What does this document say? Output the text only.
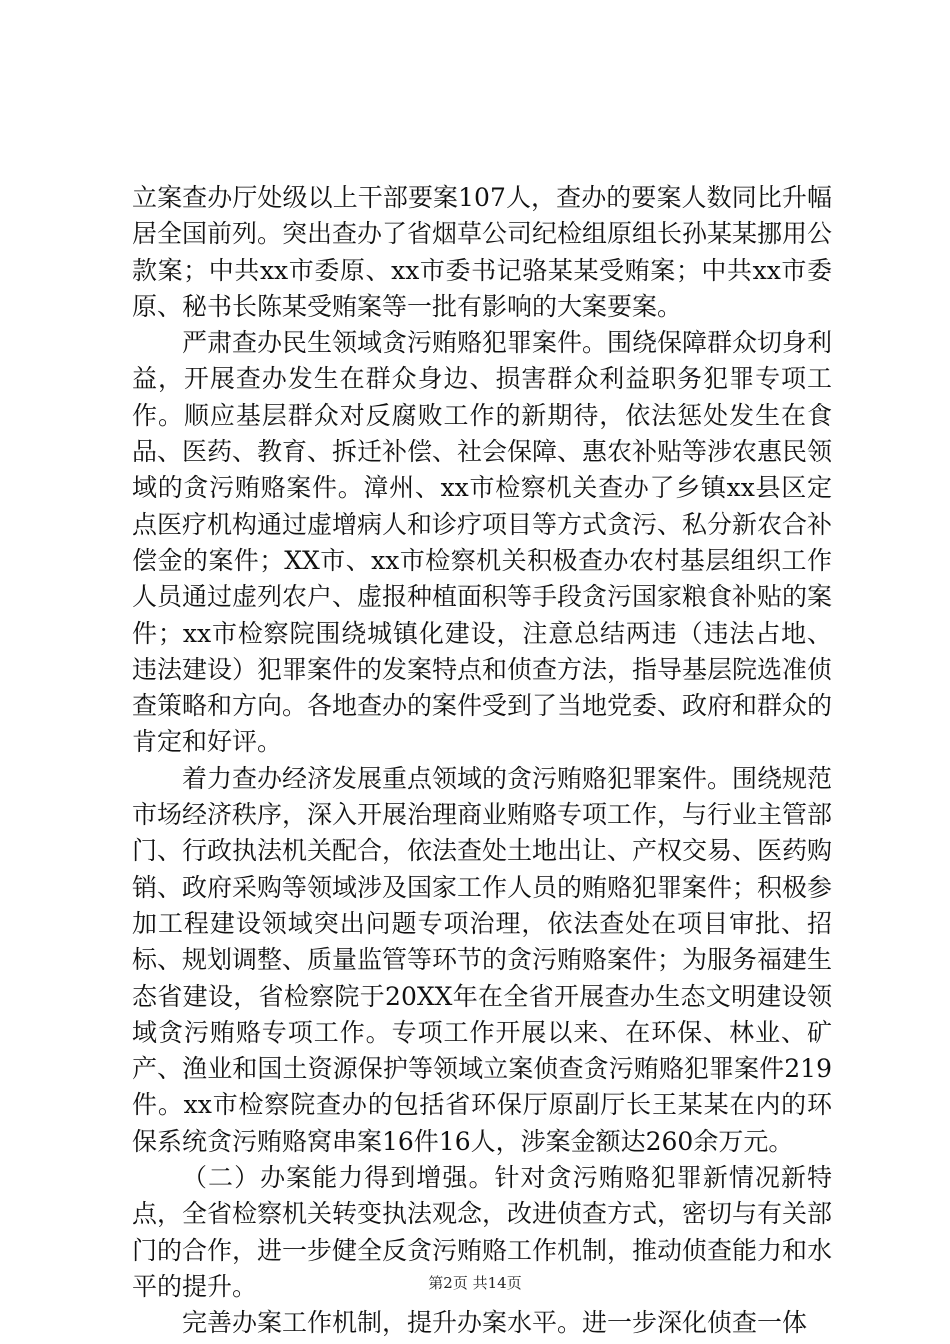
立案查办厅处级以上干部要案107人，查办的要案人数同比升幅居全国前列。突出查办了省烟草公司纪检组原组长孙某某挪用公款案；中共xx市委原、xx市委书记骆某某受贿案；中共xx市委原、秘书长陈某受贿案等一批有影响的大案要案。

严肃查办民生领域贪污贿赂犯罪案件。围绕保障群众切身利益，开展查办发生在群众身边、损害群众利益职务犯罪专项工作。顺应基层群众对反腐败工作的新期待，依法惩处发生在食品、医药、教育、拆迁补偿、社会保障、惠农补贴等涉农惠民领域的贪污贿赂案件。漳州、xx市检察机关查办了乡镇xx县区定点医疗机构通过虚增病人和诊疗项目等方式贪污、私分新农合补偿金的案件；XX市、xx市检察机关积极查办农村基层组织工作人员通过虚列农户、虚报种植面积等手段贪污国家粮食补贴的案件；xx市检察院围绕城镇化建设，注意总结两违（违法占地、违法建设）犯罪案件的发案特点和侦查方法，指导基层院选准侦查策略和方向。各地查办的案件受到了当地党委、政府和群众的肯定和好评。

着力查办经济发展重点领域的贪污贿赂犯罪案件。围绕规范市场经济秩序，深入开展治理商业贿赂专项工作，与行业主管部门、行政执法机关配合，依法查处土地出让、产权交易、医药购销、政府采购等领域涉及国家工作人员的贿赂犯罪案件；积极参加工程建设领域突出问题专项治理，依法查处在项目审批、招标、规划调整、质量监管等环节的贪污贿赂案件；为服务福建生态省建设，省检察院于20XX年在全省开展查办生态文明建设领域贪污贿赂专项工作。专项工作开展以来、在环保、林业、矿产、渔业和国土资源保护等领域立案侦查贪污贿赂犯罪案件219件。xx市检察院查办的包括省环保厅原副厅长王某某在内的环保系统贪污贿赂窝串案16件16人，涉案金额达260余万元。

（二）办案能力得到增强。针对贪污贿赂犯罪新情况新特点，全省检察机关转变执法观念，改进侦查方式，密切与有关部门的合作，进一步健全反贪污贿赂工作机制，推动侦查能力和水平的提升。

完善办案工作机制，提升办案水平。进一步深化侦查一体

第2页 共14页
